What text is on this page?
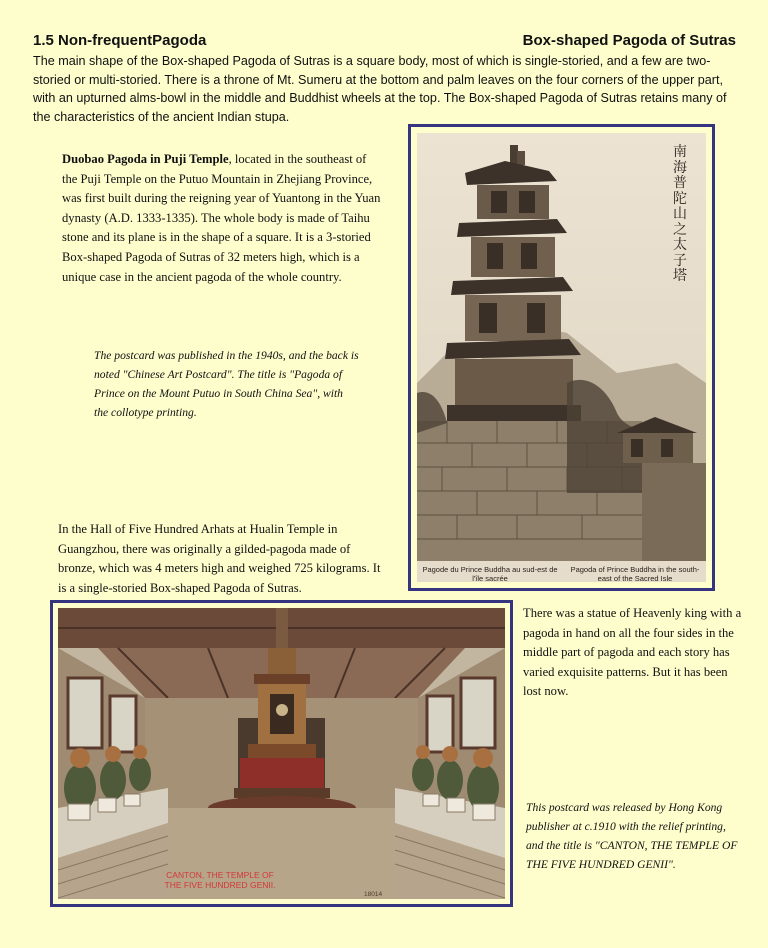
1.5 Non-frequentPagoda	Box-shaped Pagoda of Sutras
The main shape of the Box-shaped Pagoda of Sutras is a square body, most of which is single-storied, and a few are two-storied or multi-storied. There is a throne of Mt. Sumeru at the bottom and palm leaves on the four corners of the upper part, with an upturned alms-bowl in the middle and Buddhist wheels at the top. The Box-shaped Pagoda of Sutras retains many of the characteristics of the ancient Indian stupa.
Duobao Pagoda in Puji Temple, located in the southeast of the Puji Temple on the Putuo Mountain in Zhejiang Province, was first built during the reigning year of Yuantong in the Yuan dynasty (A.D. 1333-1335). The whole body is made of Taihu stone and its plane is in the shape of a square. It is a 3-storied Box-shaped Pagoda of Sutras of 32 meters high, which is a unique case in the ancient pagoda of the whole country.
The postcard was published in the 1940s, and the back is noted "Chinese Art Postcard". The title is "Pagoda of Prince on the Mount Putuo in South China Sea", with the collotype printing.
In the Hall of Five Hundred Arhats at Hualin Temple in Guangzhou, there was originally a gilded-pagoda made of bronze, which was 4 meters high and weighed 725 kilograms. It is a single-storied Box-shaped Pagoda of Sutras.
There was a statue of Heavenly king with a pagoda in hand on all the four sides in the middle part of pagoda and each story has varied exquisite patterns. But it has been lost now.
This postcard was released by Hong Kong publisher at c.1910 with the relief printing, and the title is "CANTON, THE TEMPLE OF THE FIVE HUNDRED GENII".
南海普陀山之太子塔
Pagode du Prince Buddha au sud-est de l'île sacrée
Pagoda of Prince Buddha in the south-east of the Sacred Isle
CANTON, THE TEMPLE OF THE FIVE HUNDRED GENII.
18014
